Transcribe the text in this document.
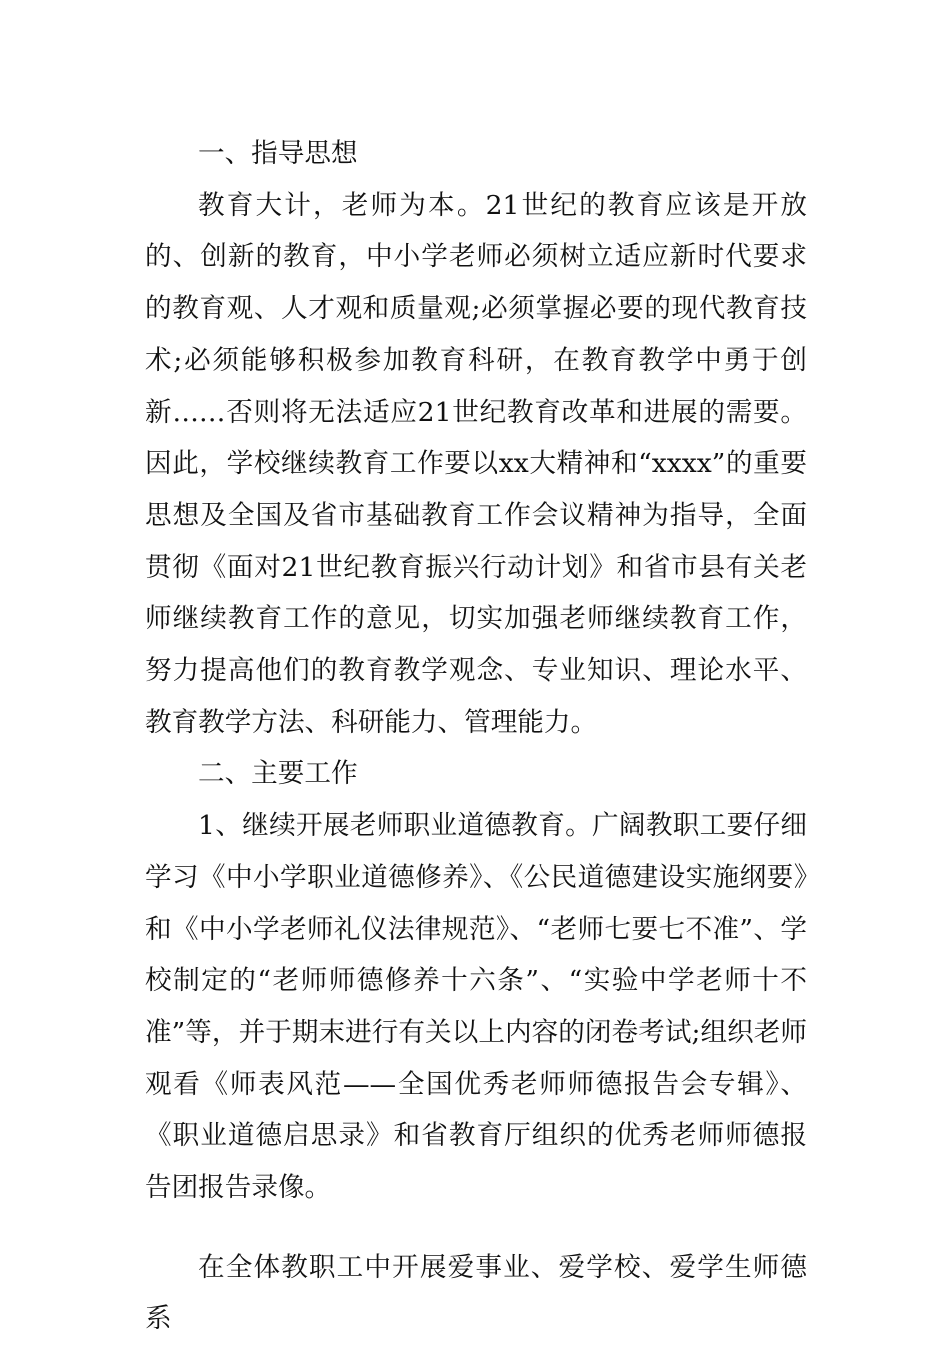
一、指导思想

教育大计，老师为本。21世纪的教育应该是开放的、创新的教育，中小学老师必须树立适应新时代要求的教育观、人才观和质量观;必须掌握必要的现代教育技术;必须能够积极参加教育科研，在教育教学中勇于创新……否则将无法适应21世纪教育改革和进展的需要。因此，学校继续教育工作要以xx大精神和“xxxx”的重要思想及全国及省市基础教育工作会议精神为指导，全面贯彻《面对21世纪教育振兴行动计划》和省市县有关老师继续教育工作的意见，切实加强老师继续教育工作，努力提高他们的教育教学观念、专业知识、理论水平、教育教学方法、科研能力、管理能力。

二、主要工作

1、继续开展老师职业道德教育。广阔教职工要仔细学习《中小学职业道德修养》、《公民道德建设实施纲要》和《中小学老师礼仪法律规范》、“老师七要七不准”、学校制定的“老师师德修养十六条”、“实验中学老师十不准”等，并于期末进行有关以上内容的闭卷考试;组织老师观看《师表风范——全国优秀老师师德报告会专辑》、《职业道德启思录》和省教育厅组织的优秀老师师德报告团报告录像。

在全体教职工中开展爱事业、爱学校、爱学生师德系
